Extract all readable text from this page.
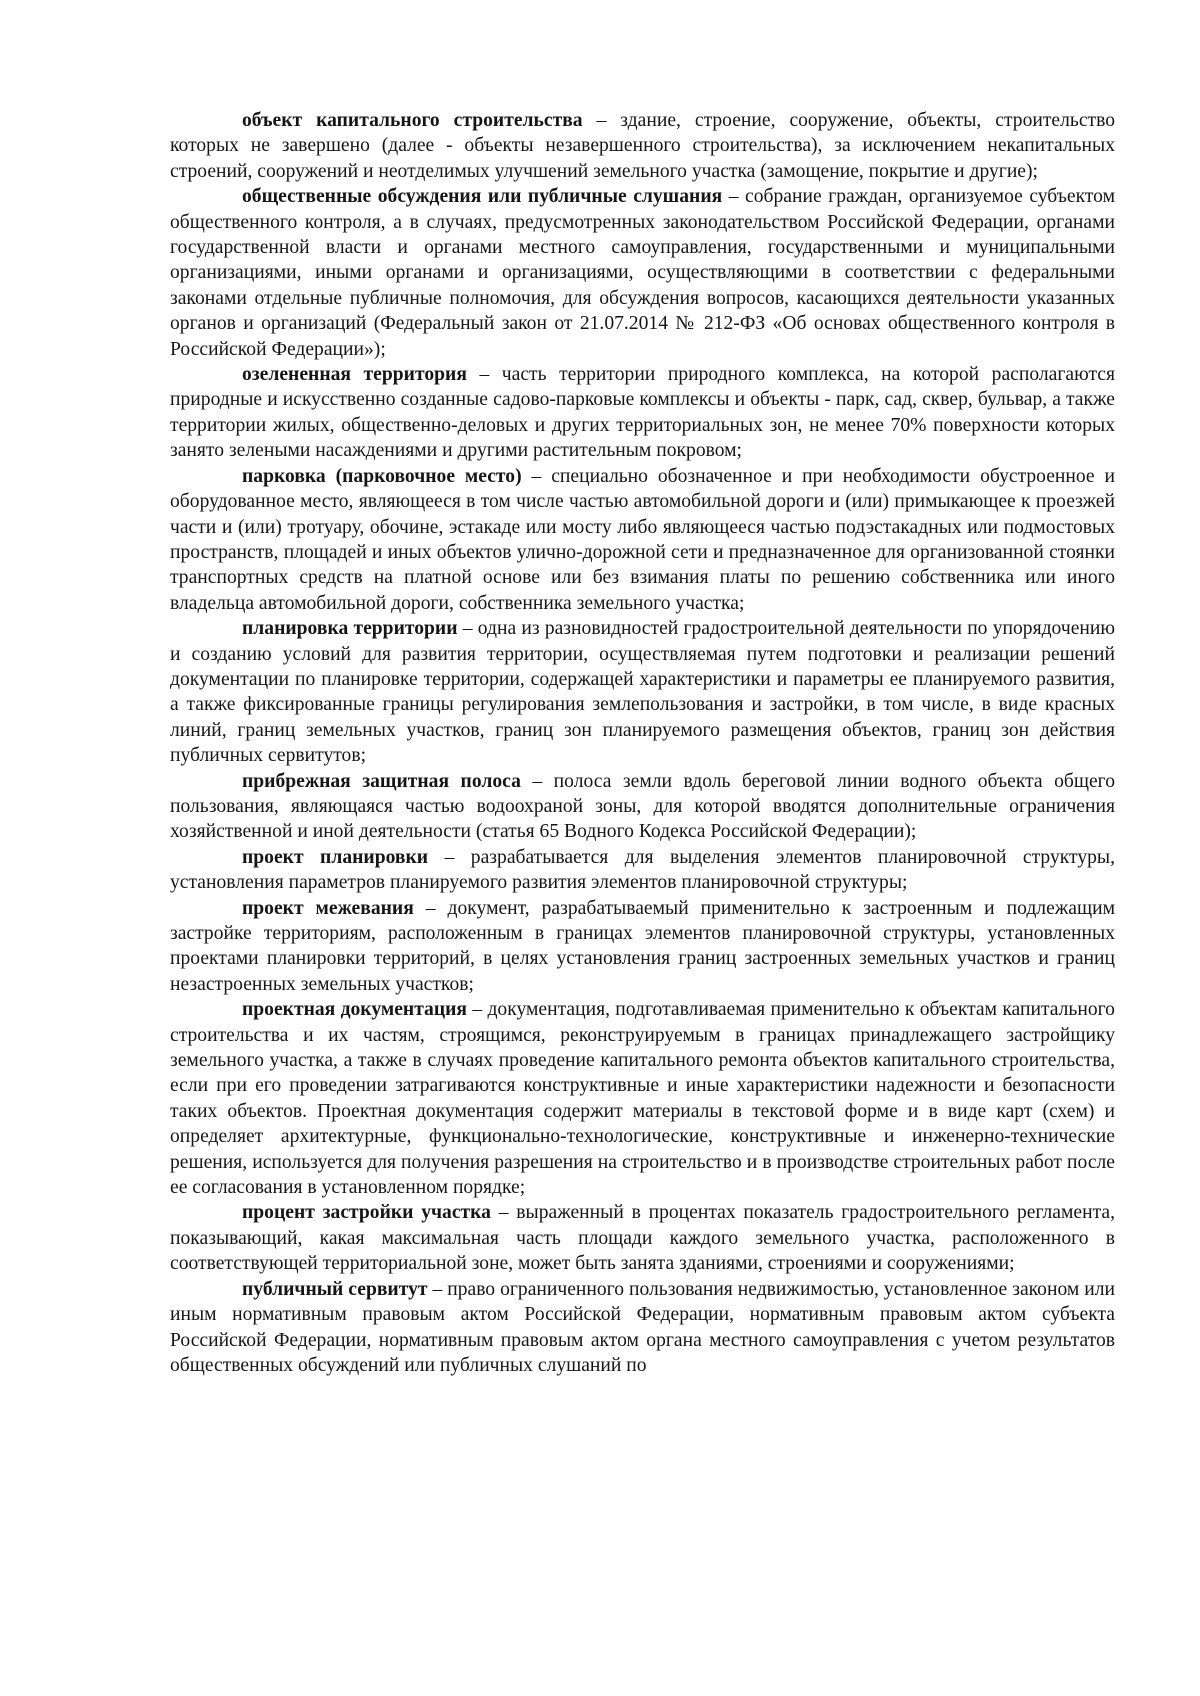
объект капитального строительства – здание, строение, сооружение, объекты, строительство которых не завершено (далее - объекты незавершенного строительства), за исключением некапитальных строений, сооружений и неотделимых улучшений земельного участка (замощение, покрытие и другие);

общественные обсуждения или публичные слушания – собрание граждан, организуемое субъектом общественного контроля, а в случаях, предусмотренных законодательством Российской Федерации, органами государственной власти и органами местного самоуправления, государственными и муниципальными организациями, иными органами и организациями, осуществляющими в соответствии с федеральными законами отдельные публичные полномочия, для обсуждения вопросов, касающихся деятельности указанных органов и организаций (Федеральный закон от 21.07.2014 № 212-ФЗ «Об основах общественного контроля в Российской Федерации»);

озелененная территория – часть территории природного комплекса, на которой располагаются природные и искусственно созданные садово-парковые комплексы и объекты - парк, сад, сквер, бульвар, а также территории жилых, общественно-деловых и других территориальных зон, не менее 70% поверхности которых занято зелеными насаждениями и другими растительным покровом;

парковка (парковочное место) – специально обозначенное и при необходимости обустроенное и оборудованное место, являющееся в том числе частью автомобильной дороги и (или) примыкающее к проезжей части и (или) тротуару, обочине, эстакаде или мосту либо являющееся частью подэстакадных или подмостовых пространств, площадей и иных объектов улично-дорожной сети и предназначенное для организованной стоянки транспортных средств на платной основе или без взимания платы по решению собственника или иного владельца автомобильной дороги, собственника земельного участка;

планировка территории – одна из разновидностей градостроительной деятельности по упорядочению и созданию условий для развития территории, осуществляемая путем подготовки и реализации решений документации по планировке территории, содержащей характеристики и параметры ее планируемого развития, а также фиксированные границы регулирования землепользования и застройки, в том числе, в виде красных линий, границ земельных участков, границ зон планируемого размещения объектов, границ зон действия публичных сервитутов;

прибрежная защитная полоса – полоса земли вдоль береговой линии водного объекта общего пользования, являющаяся частью водоохраной зоны, для которой вводятся дополнительные ограничения хозяйственной и иной деятельности (статья 65 Водного Кодекса Российской Федерации);

проект планировки – разрабатывается для выделения элементов планировочной структуры, установления параметров планируемого развития элементов планировочной структуры;

проект межевания – документ, разрабатываемый применительно к застроенным и подлежащим застройке территориям, расположенным в границах элементов планировочной структуры, установленных проектами планировки территорий, в целях установления границ застроенных земельных участков и границ незастроенных земельных участков;

проектная документация – документация, подготавливаемая применительно к объектам капитального строительства и их частям, строящимся, реконструируемым в границах принадлежащего застройщику земельного участка, а также в случаях проведение капитального ремонта объектов капитального строительства, если при его проведении затрагиваются конструктивные и иные характеристики надежности и безопасности таких объектов. Проектная документация содержит материалы в текстовой форме и в виде карт (схем) и определяет архитектурные, функционально-технологические, конструктивные и инженерно-технические решения, используется для получения разрешения на строительство и в производстве строительных работ после ее согласования в установленном порядке;

процент застройки участка – выраженный в процентах показатель градостроительного регламента, показывающий, какая максимальная часть площади каждого земельного участка, расположенного в соответствующей территориальной зоне, может быть занята зданиями, строениями и сооружениями;

публичный сервитут – право ограниченного пользования недвижимостью, установленное законом или иным нормативным правовым актом Российской Федерации, нормативным правовым актом субъекта Российской Федерации, нормативным правовым актом органа местного самоуправления с учетом результатов общественных обсуждений или публичных слушаний по
